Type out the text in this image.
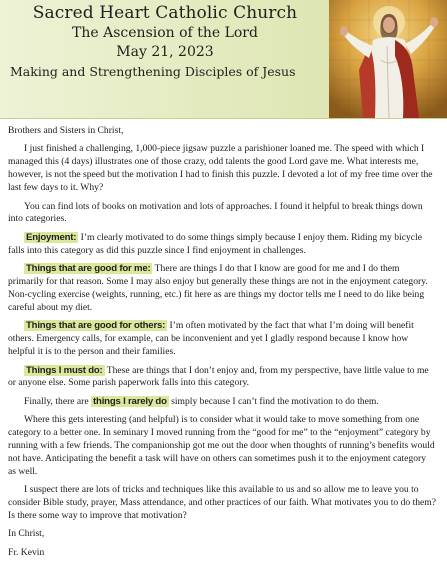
Sacred Heart Catholic Church
The Ascension of the Lord
May 21, 2023
Making and Strengthening Disciples of Jesus

Brothers and Sisters in Christ,

I just finished a challenging, 1,000-piece jigsaw puzzle a parishioner loaned me. The speed with which I managed this (4 days) illustrates one of those crazy, odd talents the good Lord gave me. What interests me, however, is not the speed but the motivation I had to finish this puzzle. I devoted a lot of my free time over the last few days to it. Why?

You can find lots of books on motivation and lots of approaches. I found it helpful to break things down into categories.

Enjoyment: I’m clearly motivated to do some things simply because I enjoy them. Riding my bicycle falls into this category as did this puzzle since I find enjoyment in challenges.

Things that are good for me: There are things I do that I know are good for me and I do them primarily for that reason. Some I may also enjoy but generally these things are not in the enjoyment category. Non-cycling exercise (weights, running, etc.) fit here as are things my doctor tells me I need to do like being careful about my diet.

Things that are good for others: I’m often motivated by the fact that what I’m doing will benefit others. Emergency calls, for example, can be inconvenient and yet I gladly respond because I know how helpful it is to the person and their families.

Things I must do: These are things that I don’t enjoy and, from my perspective, have little value to me or anyone else. Some parish paperwork falls into this category.

Finally, there are things I rarely do simply because I can’t find the motivation to do them.

Where this gets interesting (and helpful) is to consider what it would take to move something from one category to a better one. In seminary I moved running from the “good for me” to the “enjoyment” category by running with a few friends. The companionship got me out the door when thoughts of running’s benefits would not have. Anticipating the benefit a task will have on others can sometimes push it to the enjoyment category as well.

I suspect there are lots of tricks and techniques like this available to us and so allow me to leave you to consider Bible study, prayer, Mass attendance, and other practices of our faith. What motivates you to do them? Is there some way to improve that motivation?

In Christ,

Fr. Kevin
